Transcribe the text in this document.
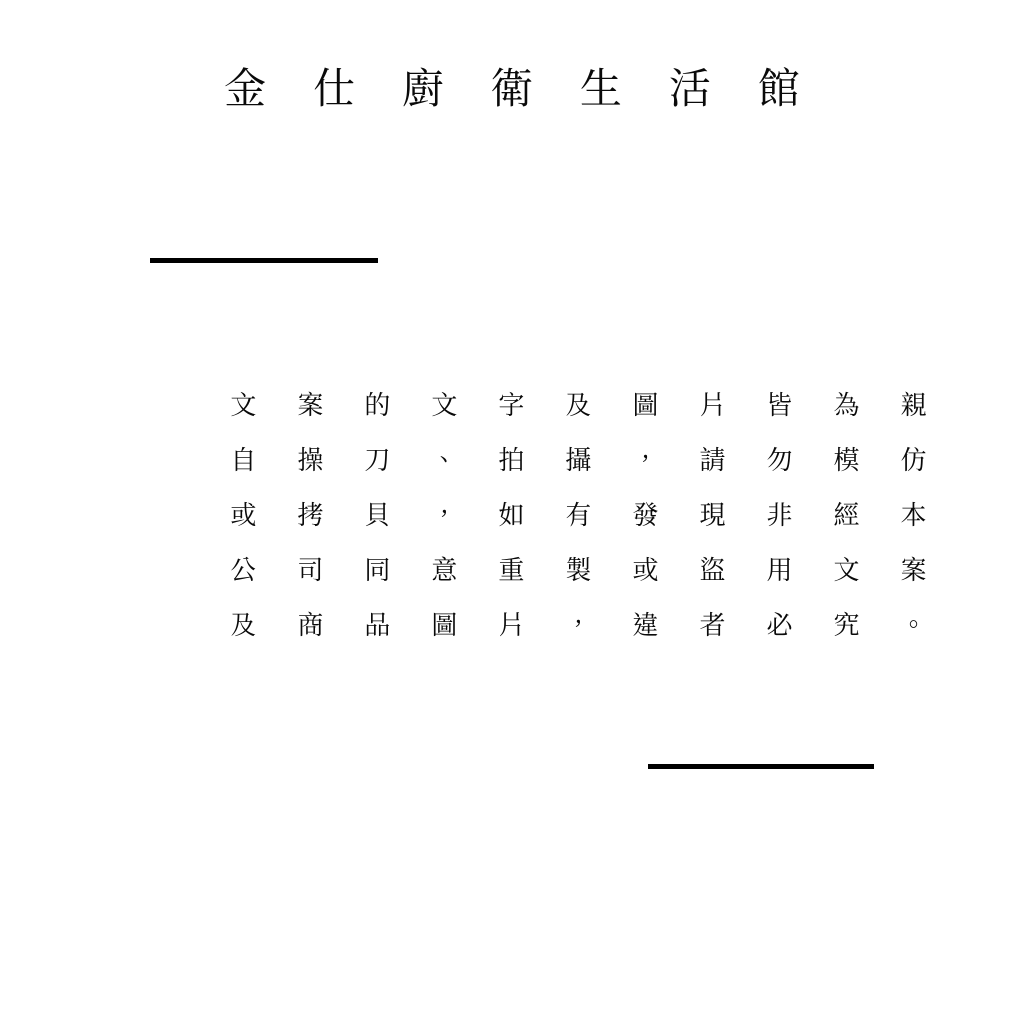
金 仕 廚 衛 生 活 館
文 案 的 文 字 及 圖 片 皆 為 親
自 操 刀 、 拍 攝 ， 請 勿 模 仿
或 拷 貝 ， 如 有 發 現 非 經 本
公 司 同 意 重 製 或 盜 用 文 案
及 商 品 圖 片 ， 違 者 必 究 。
